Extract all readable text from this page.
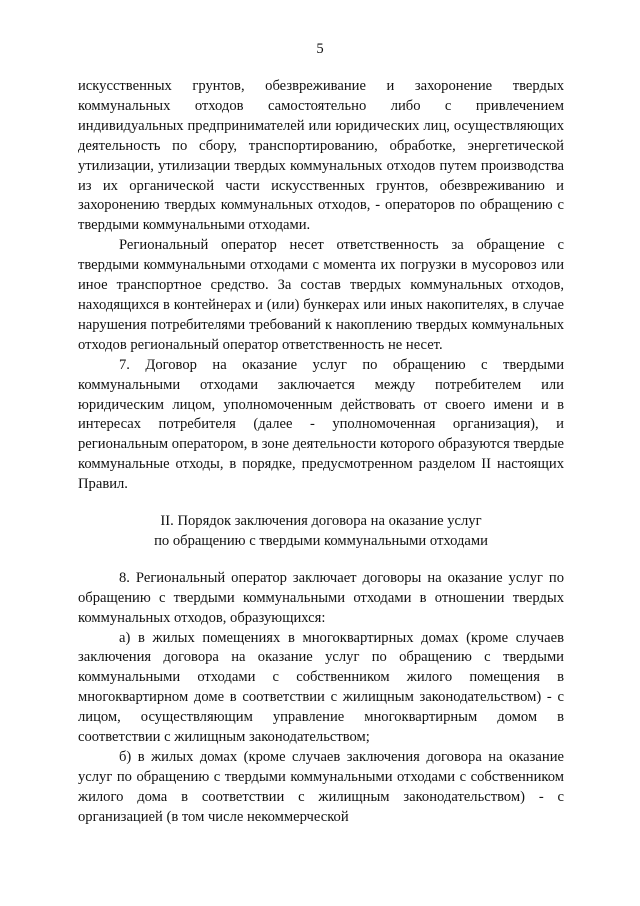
5

искусственных грунтов, обезвреживание и захоронение твердых коммунальных отходов самостоятельно либо с привлечением индивидуальных предпринимателей или юридических лиц, осуществляющих деятельность по сбору, транспортированию, обработке, энергетической утилизации, утилизации твердых коммунальных отходов путем производства из их органической части искусственных грунтов, обезвреживанию и захоронению твердых коммунальных отходов, - операторов по обращению с твердыми коммунальными отходами.

Региональный оператор несет ответственность за обращение с твердыми коммунальными отходами с момента их погрузки в мусоровоз или иное транспортное средство. За состав твердых коммунальных отходов, находящихся в контейнерах и (или) бункерах или иных накопителях, в случае нарушения потребителями требований к накоплению твердых коммунальных отходов региональный оператор ответственность не несет.

7. Договор на оказание услуг по обращению с твердыми коммунальными отходами заключается между потребителем или юридическим лицом, уполномоченным действовать от своего имени и в интересах потребителя (далее - уполномоченная организация), и региональным оператором, в зоне деятельности которого образуются твердые коммунальные отходы, в порядке, предусмотренном разделом II настоящих Правил.

II. Порядок заключения договора на оказание услуг
по обращению с твердыми коммунальными отходами

8. Региональный оператор заключает договоры на оказание услуг по обращению с твердыми коммунальными отходами в отношении твердых коммунальных отходов, образующихся:

а) в жилых помещениях в многоквартирных домах (кроме случаев заключения договора на оказание услуг по обращению с твердыми коммунальными отходами с собственником жилого помещения в многоквартирном доме в соответствии с жилищным законодательством) - с лицом, осуществляющим управление многоквартирным домом в соответствии с жилищным законодательством;

б) в жилых домах (кроме случаев заключения договора на оказание услуг по обращению с твердыми коммунальными отходами с собственником жилого дома в соответствии с жилищным законодательством) - с организацией (в том числе некоммерческой
